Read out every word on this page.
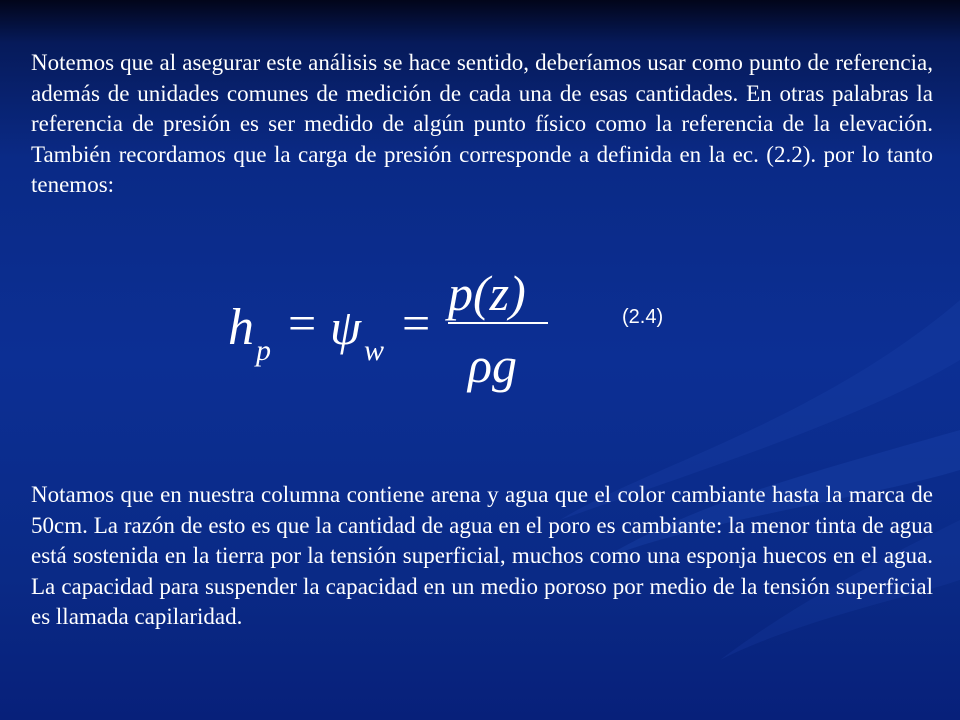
Notemos que al asegurar este análisis se hace sentido, deberíamos usar como punto de referencia, además de unidades comunes de medición de cada una de esas cantidades. En otras palabras la referencia de presión es ser medido de algún punto físico como la referencia de la elevación. También recordamos que la carga de presión corresponde a definida en la ec. (2.2). por lo tanto tenemos:

h p = ψ w =
p(z)
ρg
(2.4)

Notamos que en nuestra columna contiene arena y agua que el color cambiante hasta la marca de 50cm. La razón de esto es que la cantidad de agua en el poro es cambiante: la menor tinta de agua está sostenida en la tierra por la tensión superficial, muchos como una esponja huecos en el agua. La capacidad para suspender la capacidad en un medio poroso por medio de la tensión superficial es llamada capilaridad.
